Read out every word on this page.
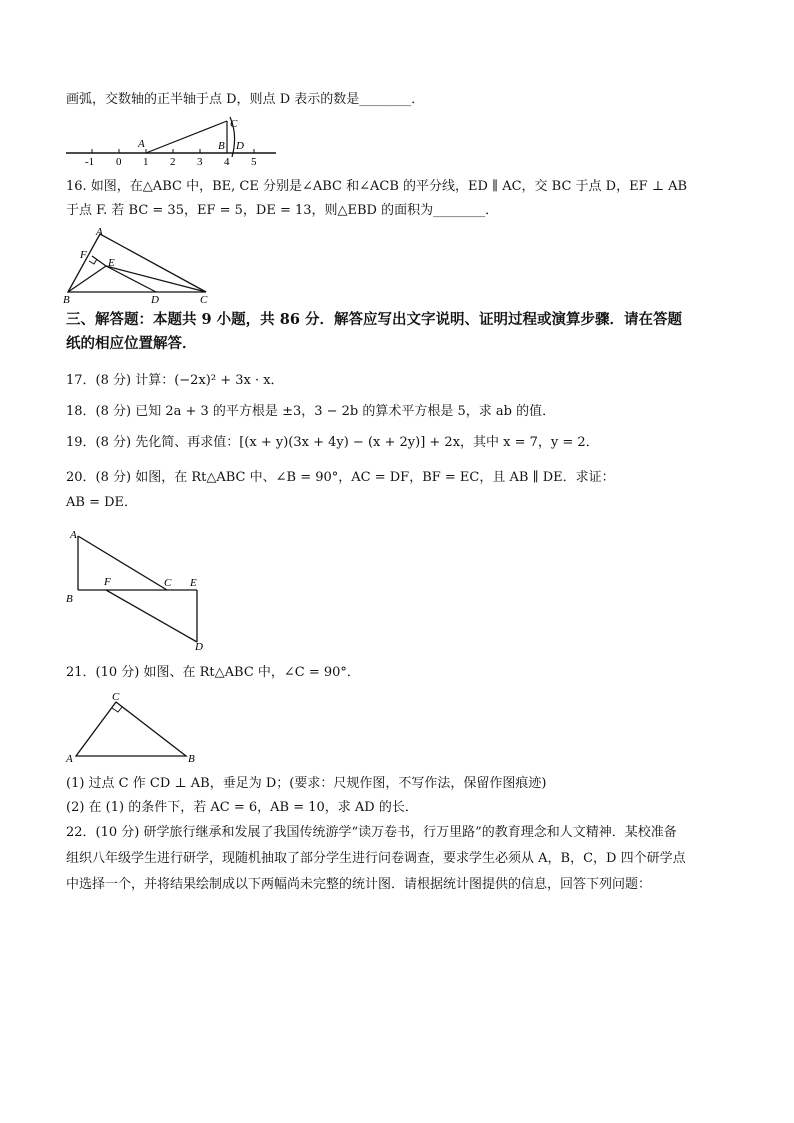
画弧，交数轴的正半轴于点 D，则点 D 表示的数是________．
A	B
C
D
-1 0 1 2 3 4 5
16. 如图，在△ABC 中，BE, CE 分别是∠ABC 和∠ACB 的平分线，ED ∥ AC，交 BC 于点 D，EF ⊥ AB
于点 F. 若 BC = 35，EF = 5，DE = 13，则△EBD 的面积为________．
A
F
E
B	D	C
三、解答题：本题共 9 小题，共 86 分．解答应写出文字说明、证明过程或演算步骤．请在答题
纸的相应位置解答．
17．(8 分) 计算：(−2x)² + 3x · x．
18．(8 分) 已知 2a + 3 的平方根是 ±3，3 − 2b 的算术平方根是 5，求 ab 的值．
19．(8 分) 先化简、再求值：[(x + y)(3x + 4y) − (x + 2y)] + 2x，其中 x = 7，y = 2．
20．(8 分) 如图，在 Rt△ABC 中、∠B = 90°，AC = DF，BF = EC，且 AB ∥ DE．求证：
AB = DE．
A
B
F	C E
D
21．(10 分) 如图、在 Rt△ABC 中，∠C = 90°．
C
A	B
(1) 过点 C 作 CD ⊥ AB，垂足为 D；(要求：尺规作图，不写作法，保留作图痕迹)
(2) 在 (1) 的条件下，若 AC = 6，AB = 10，求 AD 的长．
22．(10 分) 研学旅行继承和发展了我国传统游学“读万卷书，行万里路”的教育理念和人文精神．某校准备
组织八年级学生进行研学，现随机抽取了部分学生进行问卷调查，要求学生必须从 A，B，C，D 四个研学点
中选择一个，并将结果绘制成以下两幅尚未完整的统计图．请根据统计图提供的信息，回答下列问题：
